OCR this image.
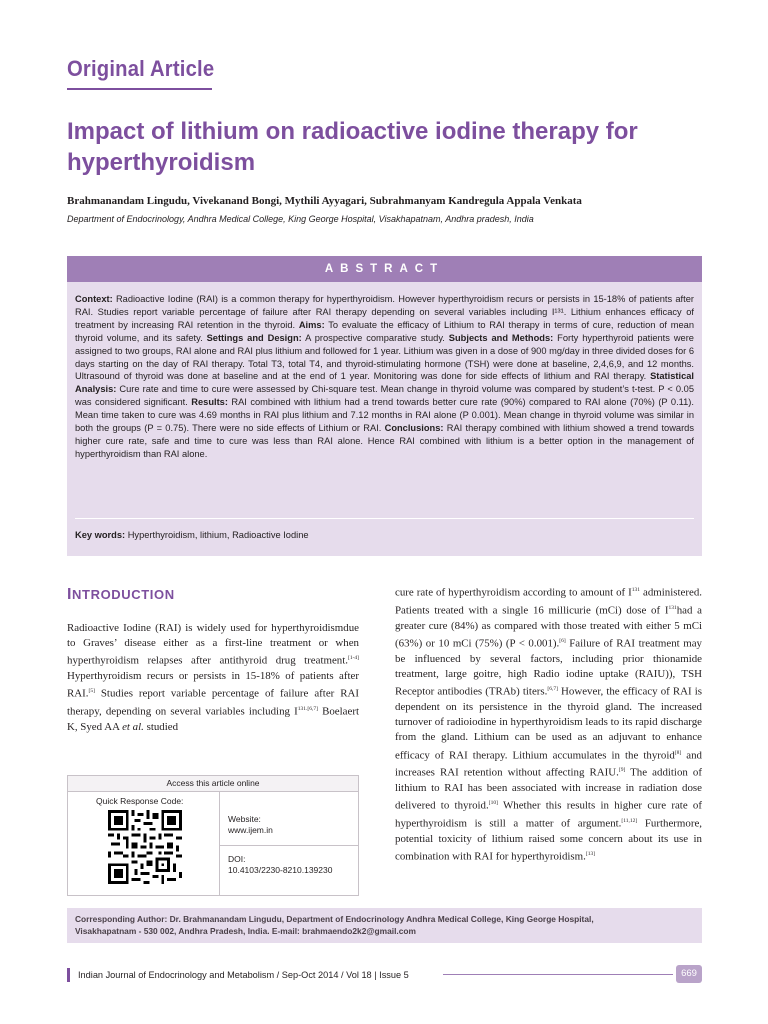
Original Article
Impact of lithium on radioactive iodine therapy for hyperthyroidism
Brahmanandam Lingudu, Vivekanand Bongi, Mythili Ayyagari, Subrahmanyam Kandregula Appala Venkata
Department of Endocrinology, Andhra Medical College, King George Hospital, Visakhapatnam, Andhra pradesh, India
ABSTRACT
Context: Radioactive Iodine (RAI) is a common therapy for hyperthyroidism. However hyperthyroidism recurs or persists in 15-18% of patients after RAI. Studies report variable percentage of failure after RAI therapy depending on several variables including I¹³¹. Lithium enhances efficacy of treatment by increasing RAI retention in the thyroid. Aims: To evaluate the efficacy of Lithium to RAI therapy in terms of cure, reduction of mean thyroid volume, and its safety. Settings and Design: A prospective comparative study. Subjects and Methods: Forty hyperthyroid patients were assigned to two groups, RAI alone and RAI plus lithium and followed for 1 year. Lithium was given in a dose of 900 mg/day in three divided doses for 6 days starting on the day of RAI therapy. Total T3, total T4, and thyroid-stimulating hormone (TSH) were done at baseline, 2,4,6,9, and 12 months. Ultrasound of thyroid was done at baseline and at the end of 1 year. Monitoring was done for side effects of lithium and RAI therapy. Statistical Analysis: Cure rate and time to cure were assessed by Chi-square test. Mean change in thyroid volume was compared by student’s t-test. P < 0.05 was considered significant. Results: RAI combined with lithium had a trend towards better cure rate (90%) compared to RAI alone (70%) (P 0.11). Mean time taken to cure was 4.69 months in RAI plus lithium and 7.12 months in RAI alone (P 0.001). Mean change in thyroid volume was similar in both the groups (P = 0.75). There were no side effects of Lithium or RAI. Conclusions: RAI therapy combined with lithium showed a trend towards higher cure rate, safe and time to cure was less than RAI alone. Hence RAI combined with lithium is a better option in the management of hyperthyroidism than RAI alone.
Key words: Hyperthyroidism, lithium, Radioactive Iodine
INTRODUCTION

Radioactive Iodine (RAI) is widely used for hyperthyroidismdue to Graves’ disease either as a first-line treatment or when hyperthyroidism relapses after antithyroid drug treatment.[1-4] Hyperthyroidism recurs or persists in 15-18% of patients after RAI.[5] Studies report variable percentage of failure after RAI therapy, depending on several variables including $I^{131.[6,7]}$ Boelaert K, Syed AA et al. studied

cure rate of hyperthyroidism according to amount of $I^{131}$ administered. Patients treated with a single 16 millicurie (mCi) dose of $I^{131}had$ a greater cure (84%) as compared with those treated with either 5 mCi (63%) or 10 mCi (75%) (P < 0.001).[6] Failure of RAI treatment may be influenced by several factors, including prior thionamide treatment, large goitre, high Radio iodine uptake (RAIU)), TSH Receptor antibodies (TRAb) titers.[6,7] However, the efficacy of RAI is dependent on its persistence in the thyroid gland. The increased turnover of radioiodine in hyperthyroidism leads to its rapid discharge from the gland. Lithium can be used as an adjuvant to enhance efficacy of RAI therapy. Lithium accumulates in the thyroid[8] and increases RAI retention without affecting RAIU.[9] The addition of lithium to RAI has been associated with increase in radiation dose delivered to thyroid.[10] Whether this results in higher cure rate of hyperthyroidism is still a matter of argument.[11,12] Furthermore, potential toxicity of lithium raised some concern about its use in combination with RAI for hyperthyroidism.[13]

Access this article online
Quick Response Code:
Website:
www.ijem.in
DOI:
10.4103/2230-8210.139230
Corresponding Author: Dr. Brahmanandam Lingudu, Department of Endocrinology Andhra Medical College, King George Hospital,
Visakhapatnam - 530 002, Andhra Pradesh, India. E-mail: brahmaendo2k2@gmail.com
Indian Journal of Endocrinology and Metabolism / Sep-Oct 2014 / Vol 18 | Issue 5	669
